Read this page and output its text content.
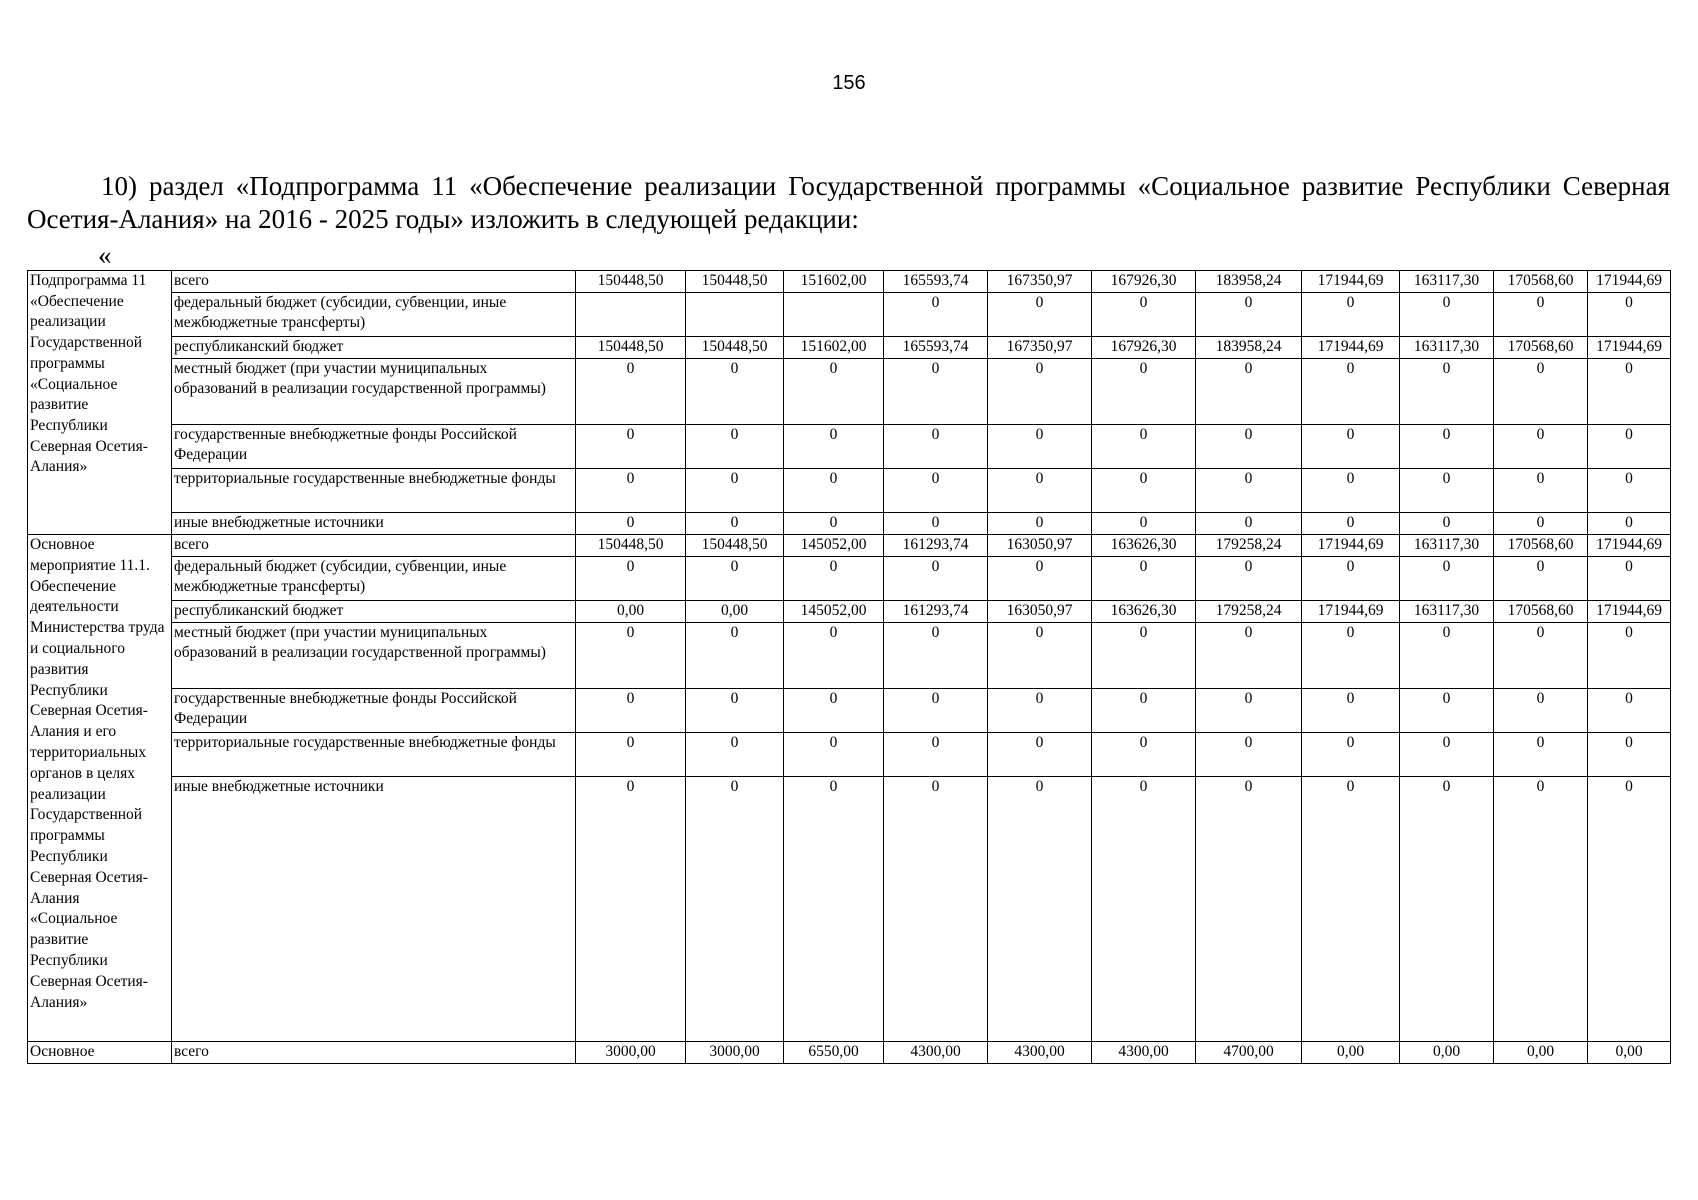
156

10) раздел «Подпрограмма 11 «Обеспечение реализации Государственной программы «Социальное развитие Республики Северная Осетия-Алания» на 2016 - 2025 годы» изложить в следующей редакции:

«
Подпрограмма 11 «Обеспечение реализации Государственной программы «Социальное развитие Республики Северная Осетия-Алания»	всего	150448,50	150448,50	151602,00	165593,74	167350,97	167926,30	183958,24	171944,69	163117,30	170568,60	171944,69
	федеральный бюджет (субсидии, субвенции, иные межбюджетные трансферты)				0	0	0	0	0	0	0	0
	республиканский бюджет	150448,50	150448,50	151602,00	165593,74	167350,97	167926,30	183958,24	171944,69	163117,30	170568,60	171944,69
	местный бюджет (при участии муниципальных образований в реализации государственной программы)	0	0	0	0	0	0	0	0	0	0	0
	государственные внебюджетные фонды Российской Федерации	0	0	0	0	0	0	0	0	0	0	0
	территориальные государственные внебюджетные фонды	0	0	0	0	0	0	0	0	0	0	0
	иные внебюджетные источники	0	0	0	0	0	0	0	0	0	0	0
Основное мероприятие 11.1. Обеспечение деятельности Министерства труда и социального развития Республики Северная Осетия-Алания и его территориальных органов в целях реализации Государственной программы Республики Северная Осетия-Алания «Социальное развитие Республики Северная Осетия-Алания»	всего	150448,50	150448,50	145052,00	161293,74	163050,97	163626,30	179258,24	171944,69	163117,30	170568,60	171944,69
	федеральный бюджет (субсидии, субвенции, иные межбюджетные трансферты)	0	0	0	0	0	0	0	0	0	0	0
	республиканский бюджет	0,00	0,00	145052,00	161293,74	163050,97	163626,30	179258,24	171944,69	163117,30	170568,60	171944,69
	местный бюджет (при участии муниципальных образований в реализации государственной программы)	0	0	0	0	0	0	0	0	0	0	0
	государственные внебюджетные фонды Российской Федерации	0	0	0	0	0	0	0	0	0	0	0
	территориальные государственные внебюджетные фонды	0	0	0	0	0	0	0	0	0	0	0
	иные внебюджетные источники	0	0	0	0	0	0	0	0	0	0	0
Основное	всего	3000,00	3000,00	6550,00	4300,00	4300,00	4300,00	4700,00	0,00	0,00	0,00	0,00
